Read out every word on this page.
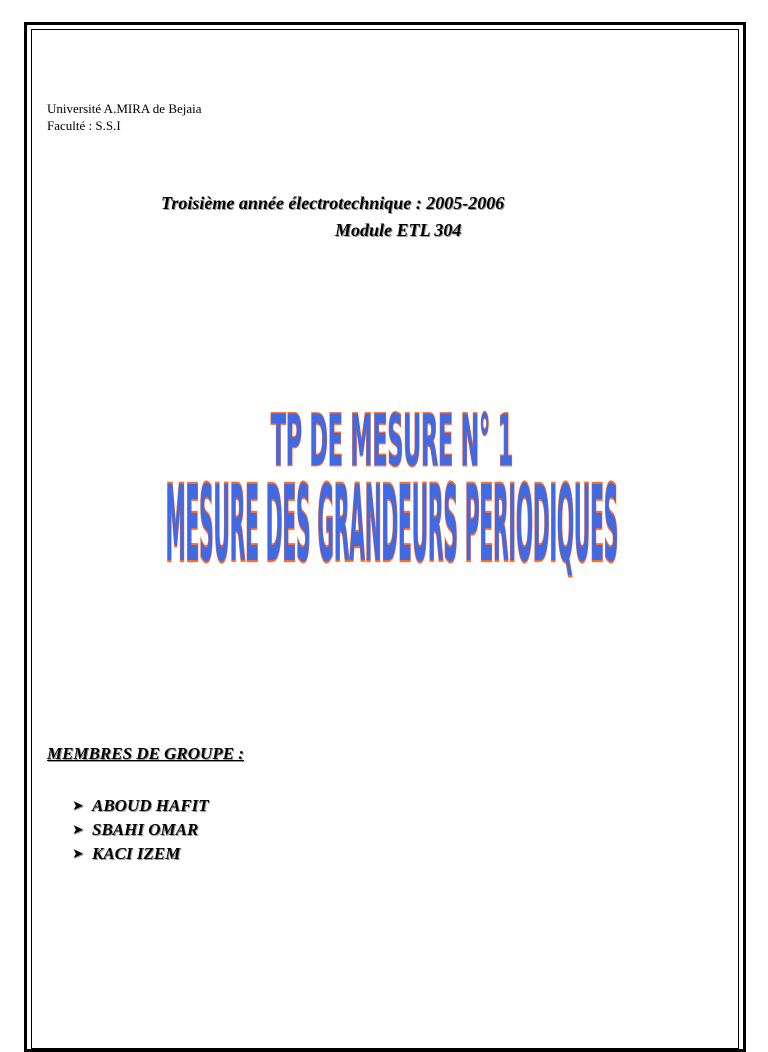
Université A.MIRA de Bejaia
Faculté : S.S.I
Troisième année électrotechnique : 2005-2006
Module ETL 304
TP DE MESURE N° 1
MESURE DES GRANDEURS PERIODIQUES
MEMBRES DE GROUPE :
➤ ABOUD HAFIT
➤ SBAHI OMAR
➤ KACI IZEM
